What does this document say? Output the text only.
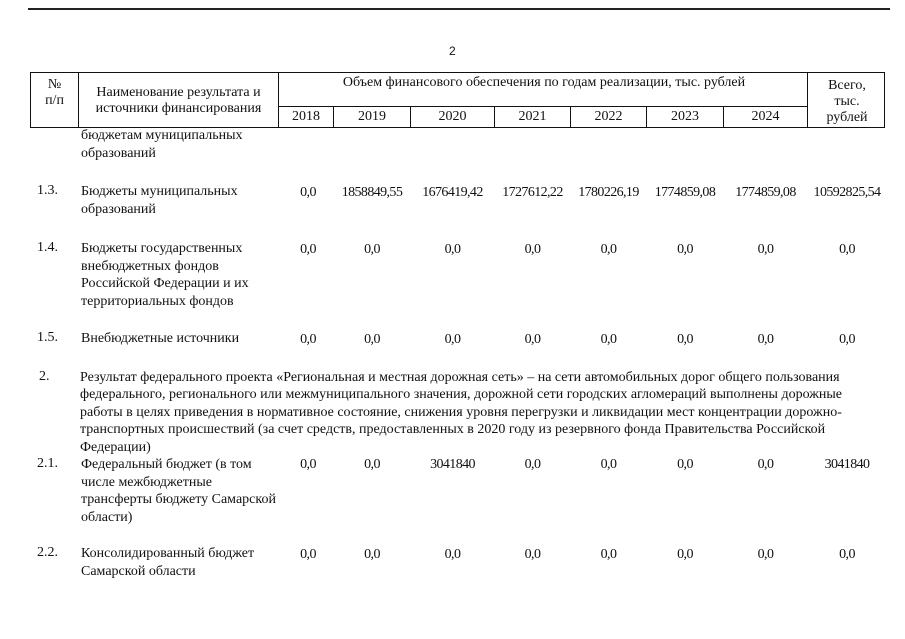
2
№
п/п
Наименование результата и источники финансирования
Объем финансового обеспечения по годам реализации, тыс. рублей	Всего, тыс. рублей
2018	2019	2020	2021	2022	2023	2024
бюджетам муниципальных образований
1.3. Бюджеты муниципальных образований
0,0	1858849,55	1676419,42	1727612,22	1780226,19	1774859,08	1774859,08	10592825,54
1.4. Бюджеты государственных внебюджетных фондов Российской Федерации и их территориальных фондов
0,0	0,0	0,0	0,0	0,0	0,0	0,0	0,0
1.5. Внебюджетные источники	0,0	0,0	0,0	0,0	0,0	0,0	0,0	0,0
2. Результат федерального проекта «Региональная и местная дорожная сеть» – на сети автомобильных дорог общего пользования федерального, регионального или межмуниципального значения, дорожной сети городских агломераций выполнены дорожные работы в целях приведения в нормативное состояние, снижения уровня перегрузки и ликвидации мест концентрации дорожно-транспортных происшествий (за счет средств, предоставленных в 2020 году из резервного фонда Правительства Российской Федерации)
2.1. Федеральный бюджет (в том числе межбюджетные трансферты бюджету Самарской области)
0,0	0,0	3041840	0,0	0,0	0,0	0,0	3041840
2.2. Консолидированный бюджет Самарской области
0,0	0,0	0,0	0,0	0,0	0,0	0,0	0,0
